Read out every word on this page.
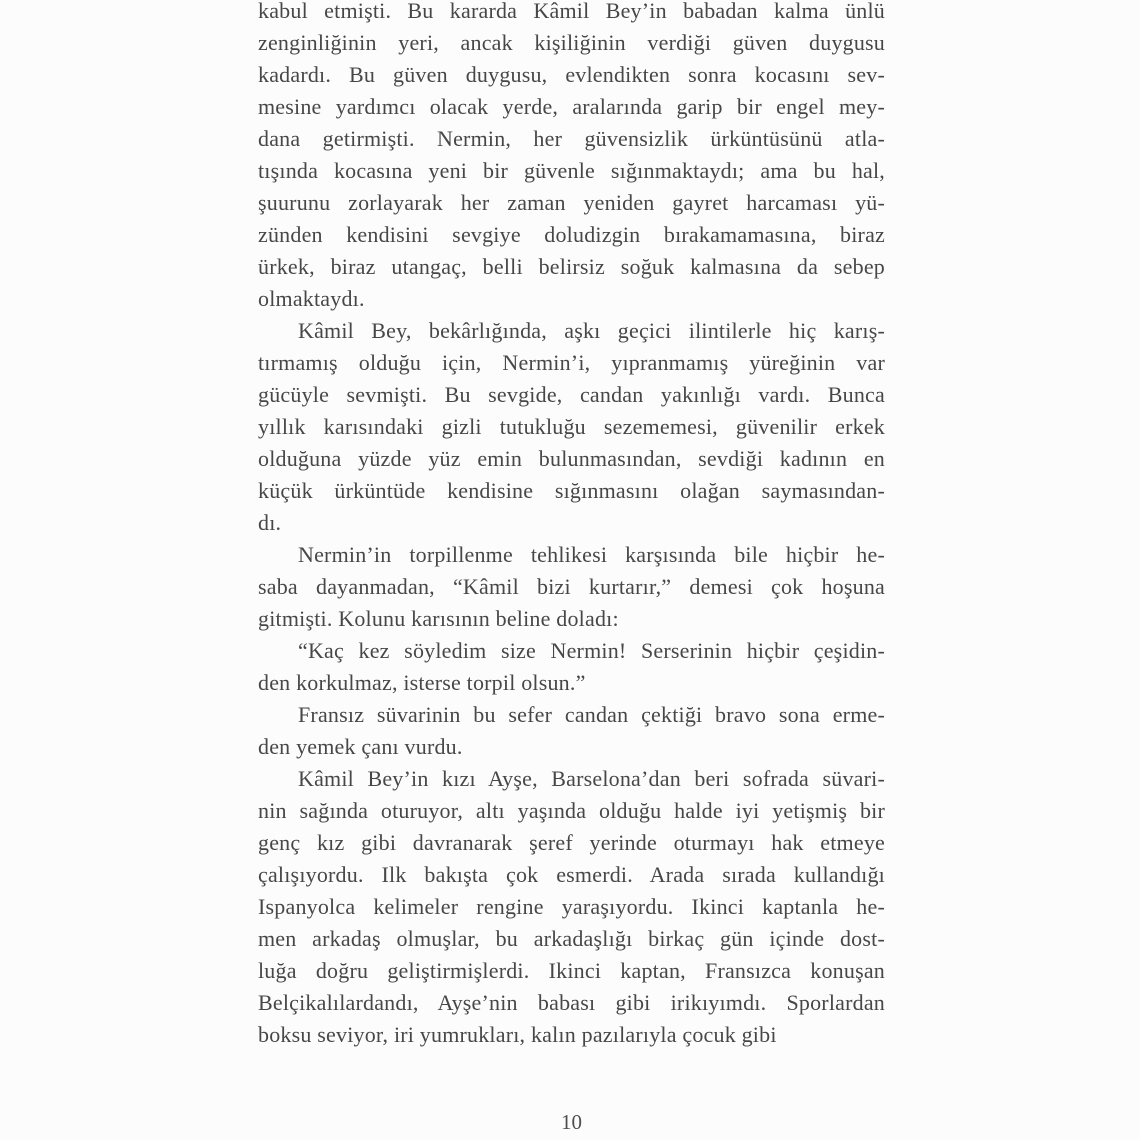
kabul etmişti. Bu kararda Kâmil Bey’in babadan kalma ünlü
zenginliğinin yeri, ancak kişiliğinin verdiği güven duygusu
kadardı. Bu güven duygusu, evlendikten sonra kocasını sev-
mesine yardımcı olacak yerde, aralarında garip bir engel mey-
dana getirmişti. Nermin, her güvensizlik ürküntüsünü atla-
tışında kocasına yeni bir güvenle sığınmaktaydı; ama bu hal,
şuurunu zorlayarak her zaman yeniden gayret harcaması yü-
zünden kendisini sevgiye doludizgin bırakamamasına, biraz
ürkek, biraz utangaç, belli belirsiz soğuk kalmasına da sebep
olmaktaydı.
Kâmil Bey, bekârlığında, aşkı geçici ilintilerle hiç karış-
tırmamış olduğu için, Nermin’i, yıpranmamış yüreğinin var
gücüyle sevmişti. Bu sevgide, candan yakınlığı vardı. Bunca
yıllık karısındaki gizli tutukluğu sezememesi, güvenilir erkek
olduğuna yüzde yüz emin bulunmasından, sevdiği kadının en
küçük ürküntüde kendisine sığınmasını olağan saymasından-
dı.
Nermin’in torpillenme tehlikesi karşısında bile hiçbir he-
saba dayanmadan, “Kâmil bizi kurtarır,” demesi çok hoşuna
gitmişti. Kolunu karısının beline doladı:
“Kaç kez söyledim size Nermin! Serserinin hiçbir çeşidin-
den korkulmaz, isterse torpil olsun.”
Fransız süvarinin bu sefer candan çektiği bravo sona erme-
den yemek çanı vurdu.
Kâmil Bey’in kızı Ayşe, Barselona’dan beri sofrada süvari-
nin sağında oturuyor, altı yaşında olduğu halde iyi yetişmiş bir
genç kız gibi davranarak şeref yerinde oturmayı hak etmeye
çalışıyordu. Ilk bakışta çok esmerdi. Arada sırada kullandığı
Ispanyolca kelimeler rengine yaraşıyordu. Ikinci kaptanla he-
men arkadaş olmuşlar, bu arkadaşlığı birkaç gün içinde dost-
luğa doğru geliştirmişlerdi. Ikinci kaptan, Fransızca konuşan
Belçikalılardandı, Ayşe’nin babası gibi irikıyımdı. Sporlardan
boksu seviyor, iri yumrukları, kalın pazılarıyla çocuk gibi
10
